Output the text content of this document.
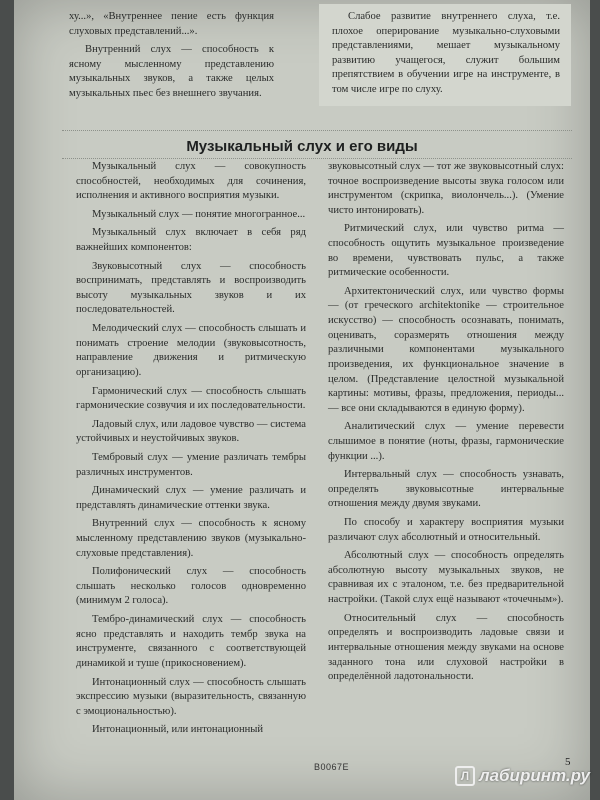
ху...», «Внутреннее пение есть функция слуховых представлений...».

Внутренний слух — способность к ясному мысленному представлению музыкальных звуков, а также целых музыкальных пьес без внешнего звучания.

Слабое развитие внутреннего слуха, т.е. плохое оперирование музыкально-слуховыми представлениями, мешает музыкальному развитию учащегося, служит большим препятствием в обучении игре на инструменте, в том числе игре по слуху.

Музыкальный слух и его виды

Музыкальный слух — совокупность способностей, необходимых для сочинения, исполнения и активного восприятия музыки.

Музыкальный слух — понятие многогранное...

Музыкальный слух включает в себя ряд важнейших компонентов:

Звуковысотный слух — способность воспринимать, представлять и воспроизводить высоту музыкальных звуков и их последовательностей.

Мелодический слух — способность слышать и понимать строение мелодии (звуковысотность, направление движения и ритмическую организацию).

Гармонический слух — способность слышать гармонические созвучия и их последовательности.

Ладовый слух, или ладовое чувство — система устойчивых и неустойчивых звуков.

Тембровый слух — умение различать тембры различных инструментов.

Динамический слух — умение различать и представлять динамические оттенки звука.

Внутренний слух — способность к ясному мысленному представлению звуков (музыкально-слуховые представления).

Полифонический слух — способность слышать несколько голосов одновременно (минимум 2 голоса).

Тембро-динамический слух — способность ясно представлять и находить тембр звука на инструменте, связанного с соответствующей динамикой и туше (прикосновением).

Интонационный слух — способность слышать экспрессию музыки (выразительность, связанную с эмоциональностью).

Интонационный, или интонационный

звуковысотный слух — тот же звуковысотный слух: точное воспроизведение высоты звука голосом или инструментом (скрипка, виолончель...). (Умение чисто интонировать).

Ритмический слух, или чувство ритма — способность ощутить музыкальное произведение во времени, чувствовать пульс, а также ритмические особенности.

Архитектонический слух, или чувство формы — (от греческого architektonike — строительное искусство) — способность осознавать, понимать, оценивать, соразмерять отношения между различными компонентами музыкального произведения, их функциональное значение в целом. (Представление целостной музыкальной картины: мотивы, фразы, предложения, периоды... — все они складываются в единую форму).

Аналитический слух — умение перевести слышимое в понятие (ноты, фразы, гармонические функции ...).

Интервальный слух — способность узнавать, определять звуковысотные интервальные отношения между двумя звуками.

По способу и характеру восприятия музыки различают слух абсолютный и относительный.

Абсолютный слух — способность определять абсолютную высоту музыкальных звуков, не сравнивая их с эталоном, т.е. без предварительной настройки. (Такой слух ещё называют «точечным»).

Относительный слух — способность определять и воспроизводить ладовые связи и интервальные отношения между звуками на основе заданного тона или слуховой настройки в определённой ладотональности.

B0067E	5
Л лабиринт.ру
